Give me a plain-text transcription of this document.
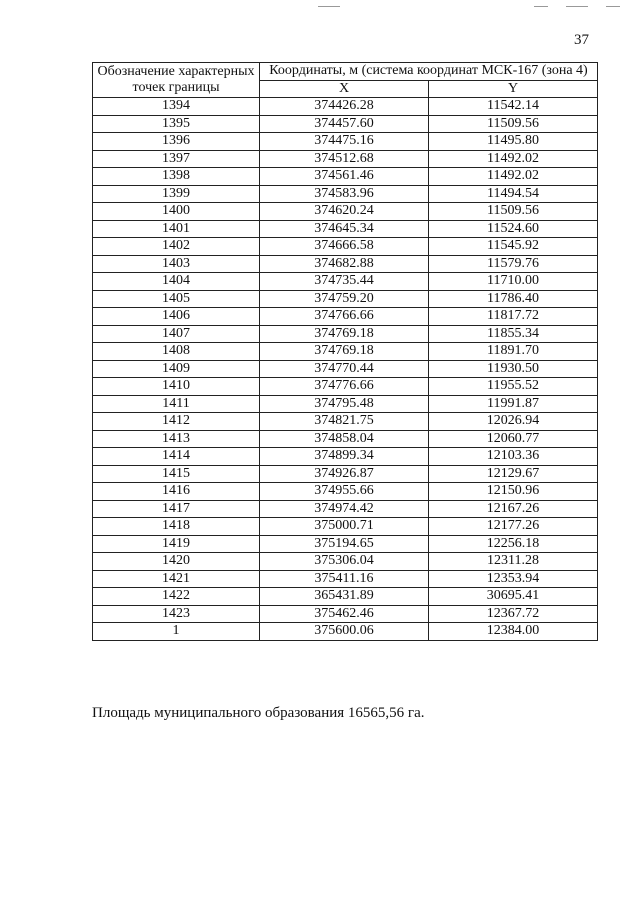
37
Обозначение характерных точек границы	Координаты, м (система координат МСК-167 (зона 4)	
	X	Y
1394	374426.28	11542.14
1395	374457.60	11509.56
1396	374475.16	11495.80
1397	374512.68	11492.02
1398	374561.46	11492.02
1399	374583.96	11494.54
1400	374620.24	11509.56
1401	374645.34	11524.60
1402	374666.58	11545.92
1403	374682.88	11579.76
1404	374735.44	11710.00
1405	374759.20	11786.40
1406	374766.66	11817.72
1407	374769.18	11855.34
1408	374769.18	11891.70
1409	374770.44	11930.50
1410	374776.66	11955.52
1411	374795.48	11991.87
1412	374821.75	12026.94
1413	374858.04	12060.77
1414	374899.34	12103.36
1415	374926.87	12129.67
1416	374955.66	12150.96
1417	374974.42	12167.26
1418	375000.71	12177.26
1419	375194.65	12256.18
1420	375306.04	12311.28
1421	375411.16	12353.94
1422	365431.89	30695.41
1423	375462.46	12367.72
1	375600.06	12384.00
Площадь муниципального образования 16565,56 га.
